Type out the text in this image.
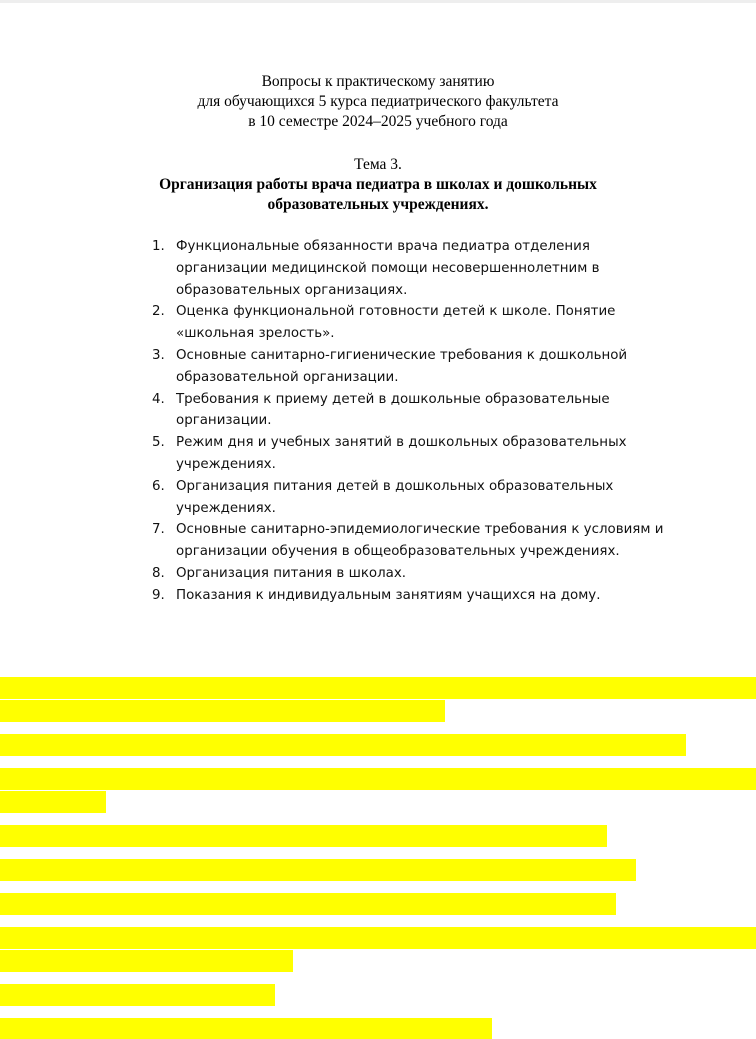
Вопросы к практическому занятию
для обучающихся 5 курса педиатрического факультета
в 10 семестре 2024–2025 учебного года
Тема 3.
Организация работы врача педиатра в школах и дошкольных
образовательных учреждениях.
1. Функциональные обязанности врача педиатра отделения
организации медицинской помощи несовершеннолетним в
образовательных организациях.
2. Оценка функциональной готовности детей к школе. Понятие
«школьная зрелость».
3. Основные санитарно-гигиенические требования к дошкольной
образовательной организации.
4. Требования к приему детей в дошкольные образовательные
организации.
5. Режим дня и учебных занятий в дошкольных образовательных
учреждениях.
6. Организация питания детей в дошкольных образовательных
учреждениях.
7. Основные санитарно-эпидемиологические требования к условиям и
организации обучения в общеобразовательных учреждениях.
8. Организация питания в школах.
9. Показания к индивидуальным занятиям учащихся на дому.
